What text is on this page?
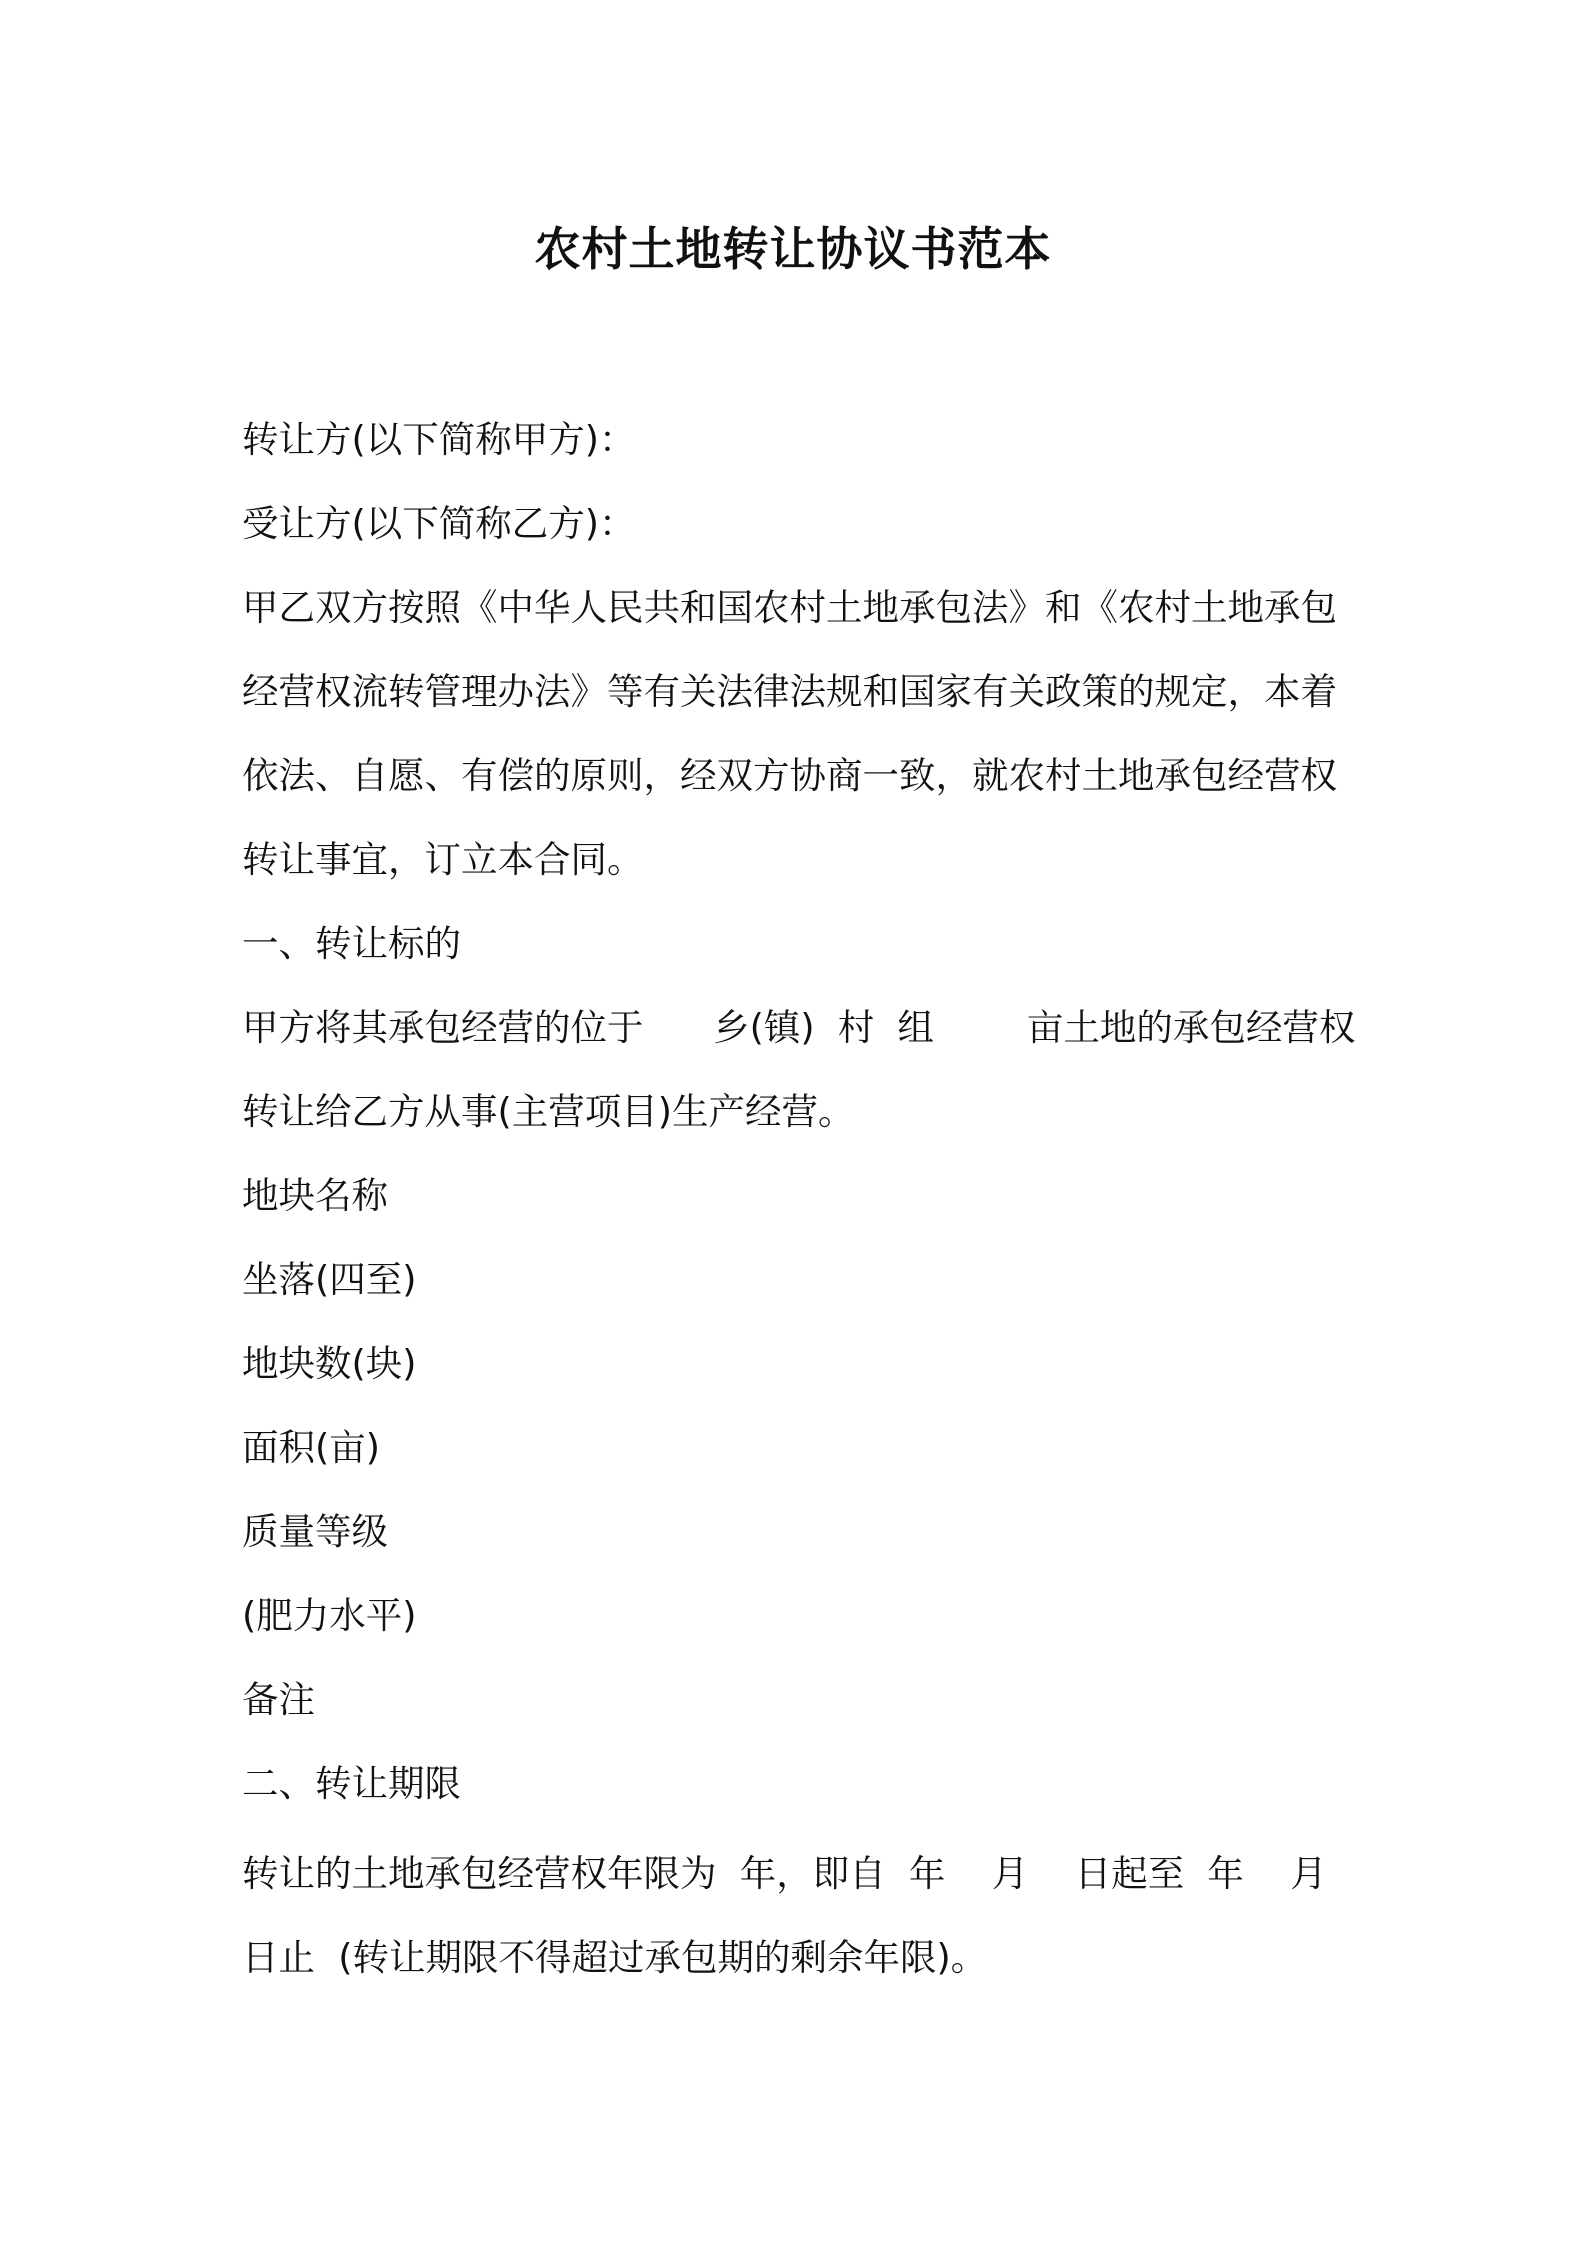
农村土地转让协议书范本
转让方(以下简称甲方)：
受让方(以下简称乙方)：
甲乙双方按照《中华人民共和国农村土地承包法》和《农村土地承包
经营权流转管理办法》等有关法律法规和国家有关政策的规定，本着
依法、自愿、有偿的原则，经双方协商一致，就农村土地承包经营权
转让事宜，订立本合同。
一、转让标的
甲方将其承包经营的位于      乡(镇)  村  组        亩土地的承包经营权
转让给乙方从事(主营项目)生产经营。
地块名称
坐落(四至)
地块数(块)
面积(亩)
质量等级
(肥力水平)
备注
二、转让期限
转让的土地承包经营权年限为  年，即自  年    月    日起至  年    月
日止  (转让期限不得超过承包期的剩余年限)。
